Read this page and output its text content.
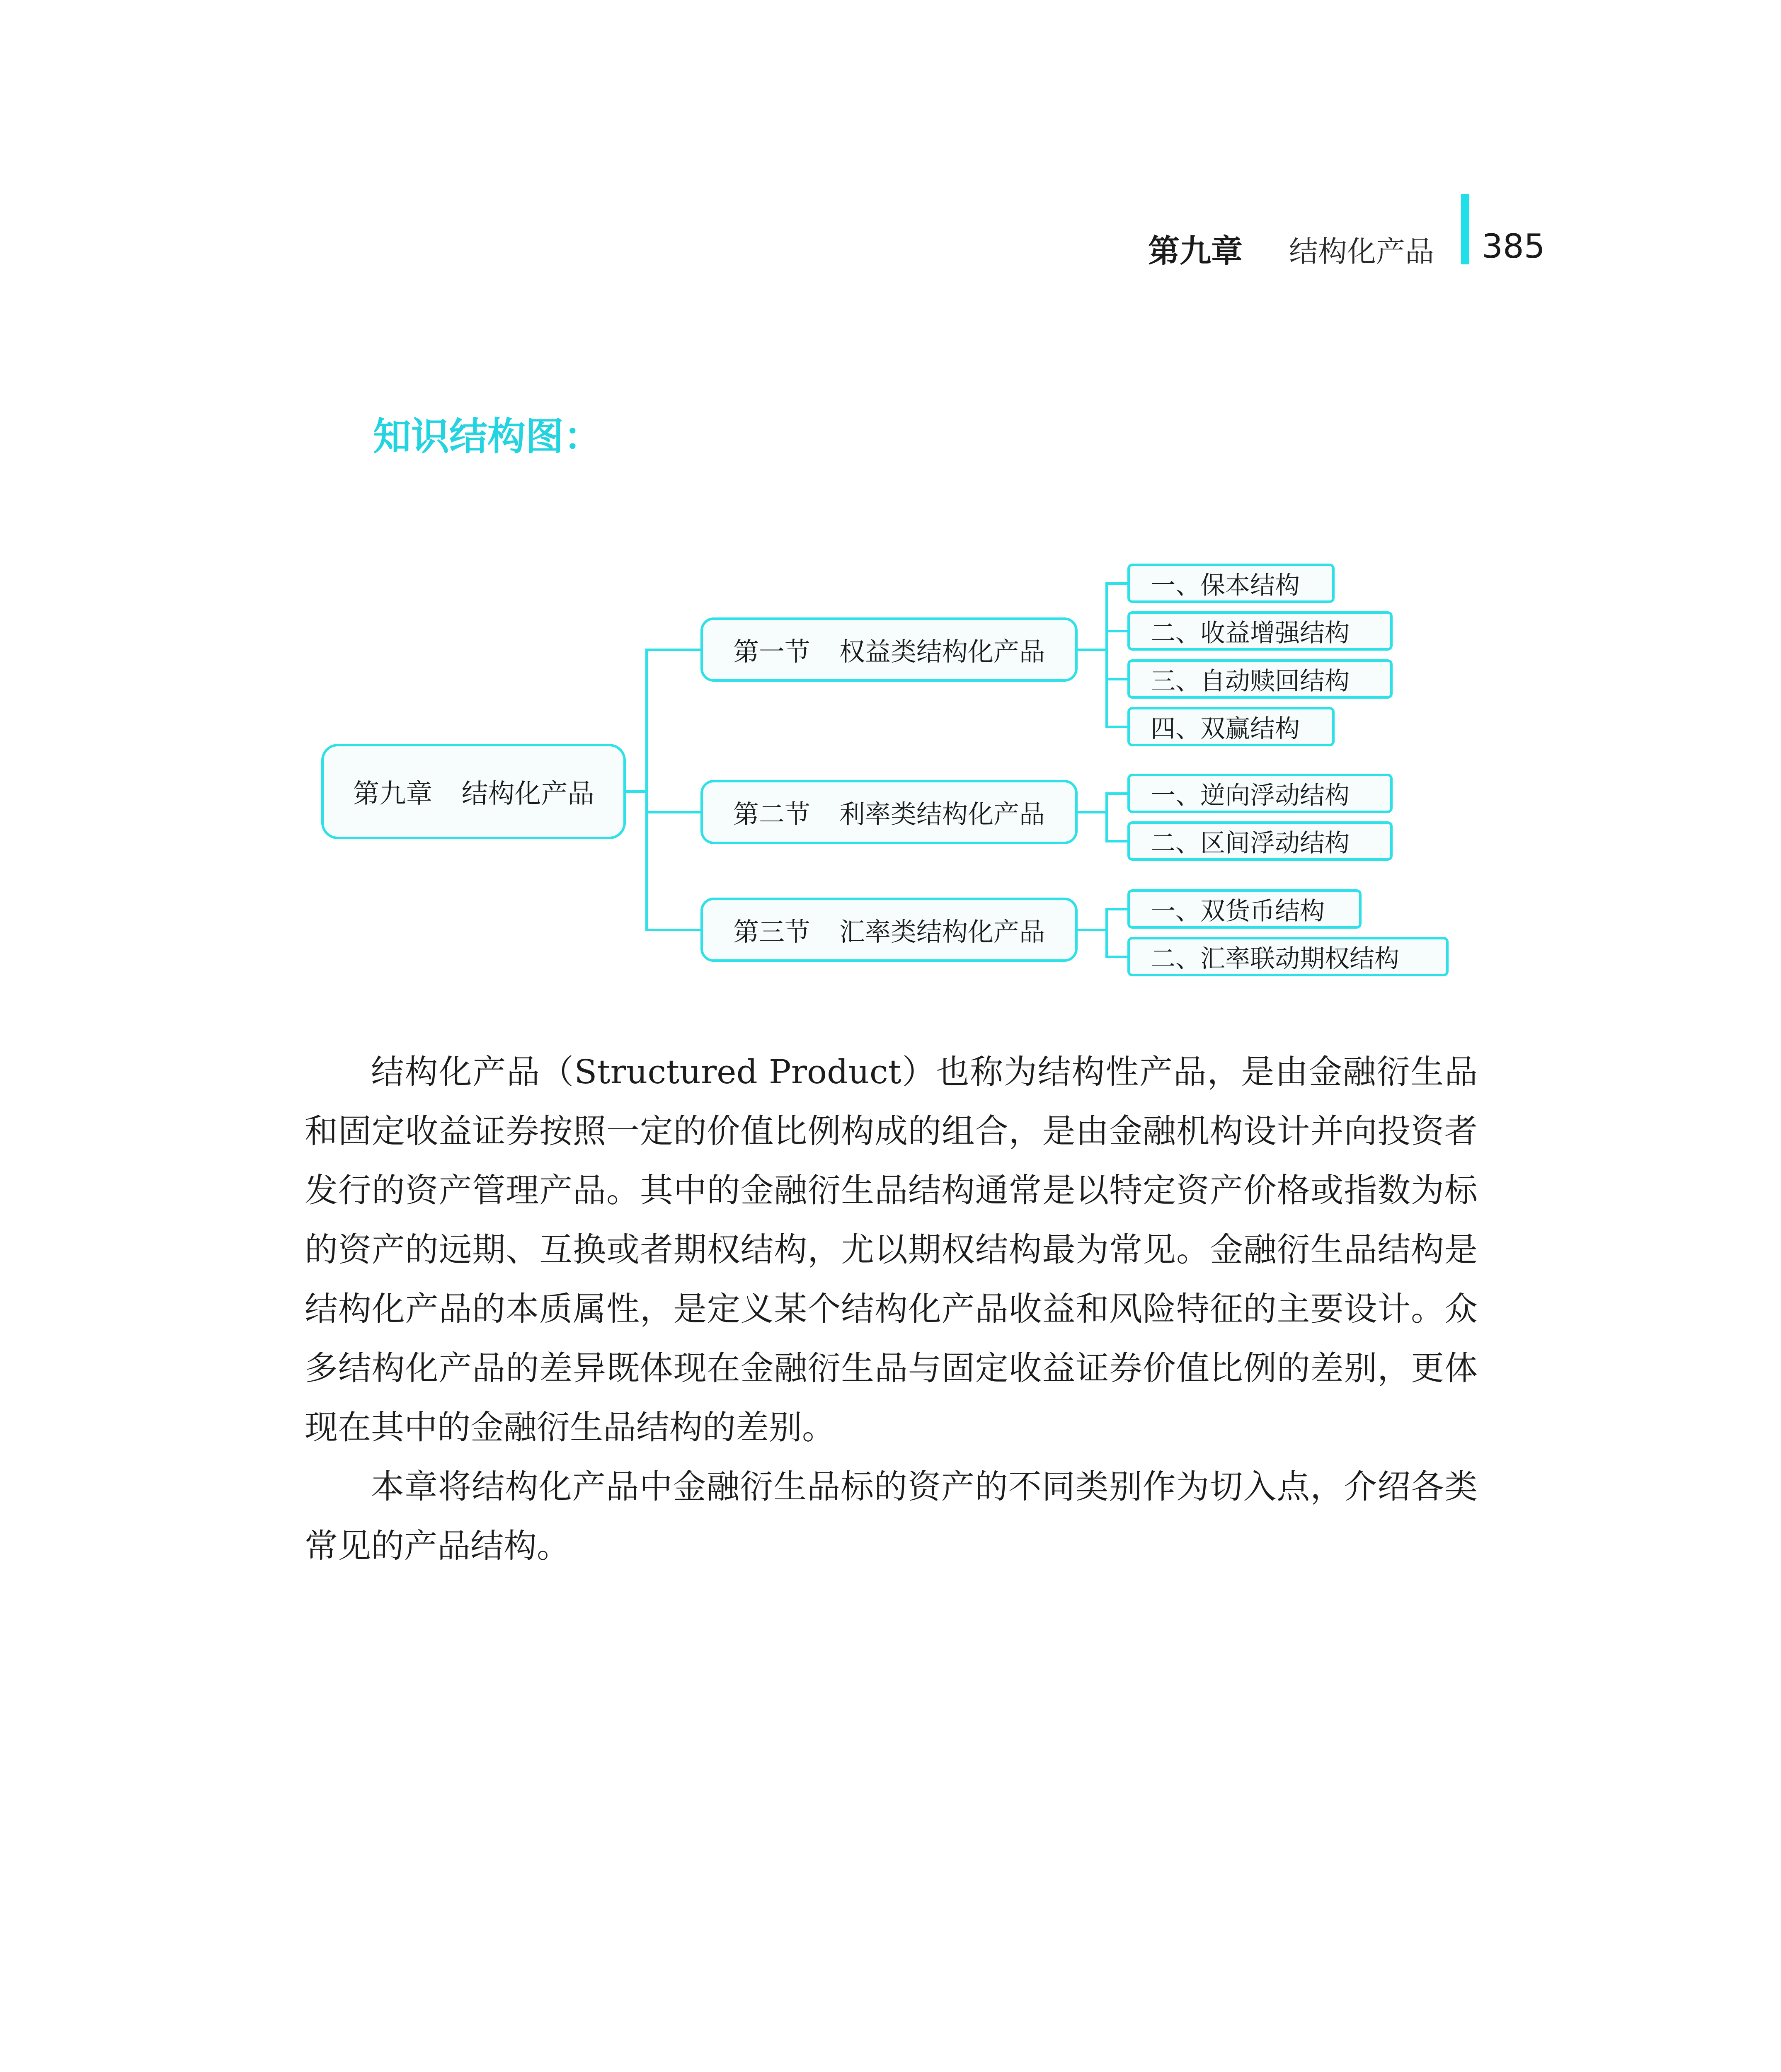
第九章 结构化产品 385
知识结构图：
第九章 结构化产品
第一节 权益类结构化产品
第二节 利率类结构化产品
第三节 汇率类结构化产品
一、保本结构
二、收益增强结构
三、自动赎回结构
四、双赢结构
一、逆向浮动结构
二、区间浮动结构
一、双货币结构
二、汇率联动期权结构

结构化产品（Structured Product）也称为结构性产品，是由金融衍生品和固定收益证券按照一定的价值比例构成的组合，是由金融机构设计并向投资者发行的资产管理产品。其中的金融衍生品结构通常是以特定资产价格或指数为标的资产的远期、互换或者期权结构，尤以期权结构最为常见。金融衍生品结构是结构化产品的本质属性，是定义某个结构化产品收益和风险特征的主要设计。众多结构化产品的差异既体现在金融衍生品与固定收益证券价值比例的差别，更体现在其中的金融衍生品结构的差别。

本章将结构化产品中金融衍生品标的资产的不同类别作为切入点，介绍各类常见的产品结构。
